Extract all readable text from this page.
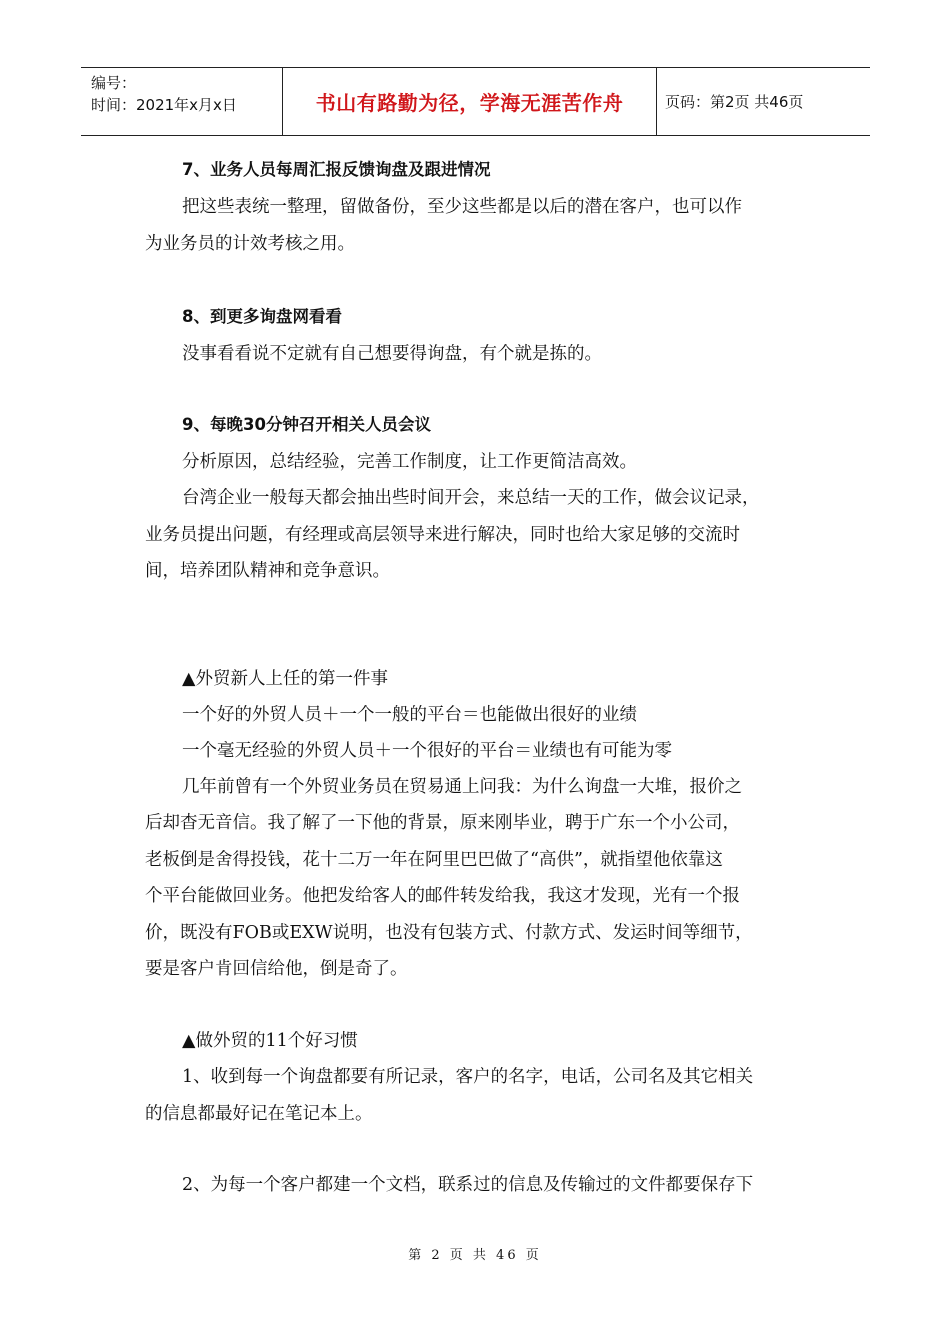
编号：
时间：2021年x月x日	书山有路勤为径，学海无涯苦作舟	页码：第2页 共46页
7、业务人员每周汇报反馈询盘及跟进情况
把这些表统一整理，留做备份，至少这些都是以后的潜在客户，也可以作
为业务员的计效考核之用。
8、到更多询盘网看看
没事看看说不定就有自己想要得询盘，有个就是拣的。
9、每晚30分钟召开相关人员会议
分析原因，总结经验，完善工作制度，让工作更简洁高效。
台湾企业一般每天都会抽出些时间开会，来总结一天的工作，做会议记录，
业务员提出问题，有经理或高层领导来进行解决，同时也给大家足够的交流时
间，培养团队精神和竞争意识。
▲外贸新人上任的第一件事
一个好的外贸人员＋一个一般的平台＝也能做出很好的业绩
一个毫无经验的外贸人员＋一个很好的平台＝业绩也有可能为零
几年前曾有一个外贸业务员在贸易通上问我：为什么询盘一大堆，报价之
后却杳无音信。我了解了一下他的背景，原来刚毕业，聘于广东一个小公司，
老板倒是舍得投钱，花十二万一年在阿里巴巴做了“高供”，就指望他依靠这
个平台能做回业务。他把发给客人的邮件转发给我，我这才发现，光有一个报
价，既没有FOB或EXW说明，也没有包装方式、付款方式、发运时间等细节，
要是客户肯回信给他，倒是奇了。
▲做外贸的11个好习惯
1、收到每一个询盘都要有所记录，客户的名字，电话，公司名及其它相关
的信息都最好记在笔记本上。
2、为每一个客户都建一个文档，联系过的信息及传输过的文件都要保存下
第 2 页 共 46 页
